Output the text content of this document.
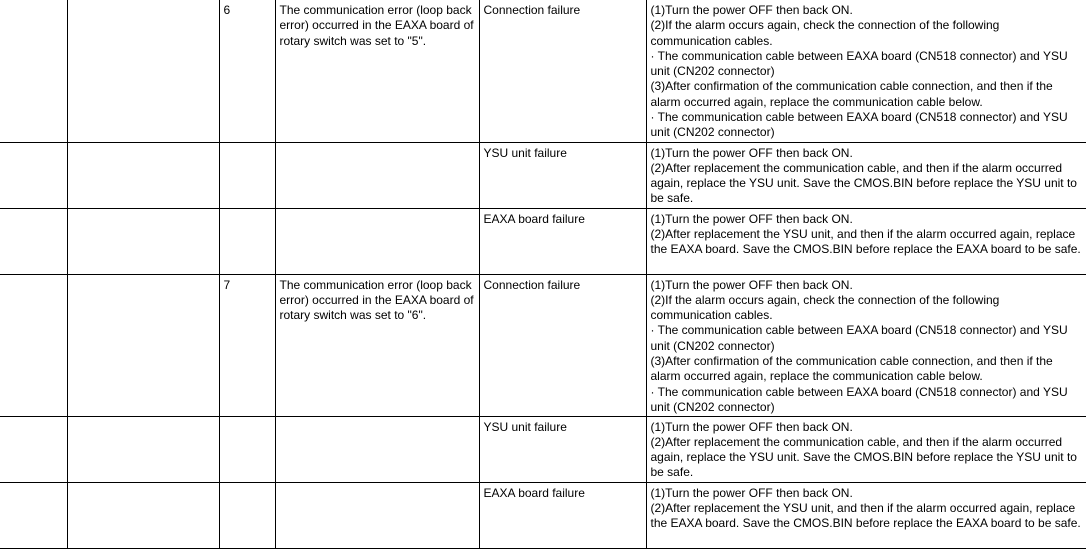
		6	The communication error (loop back error) occurred in the EAXA board of rotary switch was set to "5".	Connection failure	(1)Turn the power OFF then back ON.
(2)If the alarm occurs again, check the connection of the following communication cables.
· The communication cable between EAXA board (CN518 connector) and YSU unit (CN202 connector)
(3)After confirmation of the communication cable connection, and then if the alarm occurred again, replace the communication cable below.
· The communication cable between EAXA board (CN518 connector) and YSU unit (CN202 connector)

				YSU unit failure	(1)Turn the power OFF then back ON.
(2)After replacement the communication cable, and then if the alarm occurred again, replace the YSU unit. Save the CMOS.BIN before replace the YSU unit to be safe.

				EAXA board failure	(1)Turn the power OFF then back ON.
(2)After replacement the YSU unit, and then if the alarm occurred again, replace the EAXA board. Save the CMOS.BIN before replace the EAXA board to be safe.

		7	The communication error (loop back error) occurred in the EAXA board of rotary switch was set to "6".	Connection failure	(1)Turn the power OFF then back ON.
(2)If the alarm occurs again, check the connection of the following communication cables.
· The communication cable between EAXA board (CN518 connector) and YSU unit (CN202 connector)
(3)After confirmation of the communication cable connection, and then if the alarm occurred again, replace the communication cable below.
· The communication cable between EAXA board (CN518 connector) and YSU unit (CN202 connector)

				YSU unit failure	(1)Turn the power OFF then back ON.
(2)After replacement the communication cable, and then if the alarm occurred again, replace the YSU unit. Save the CMOS.BIN before replace the YSU unit to be safe.

				EAXA board failure	(1)Turn the power OFF then back ON.
(2)After replacement the YSU unit, and then if the alarm occurred again, replace the EAXA board. Save the CMOS.BIN before replace the EAXA board to be safe.
